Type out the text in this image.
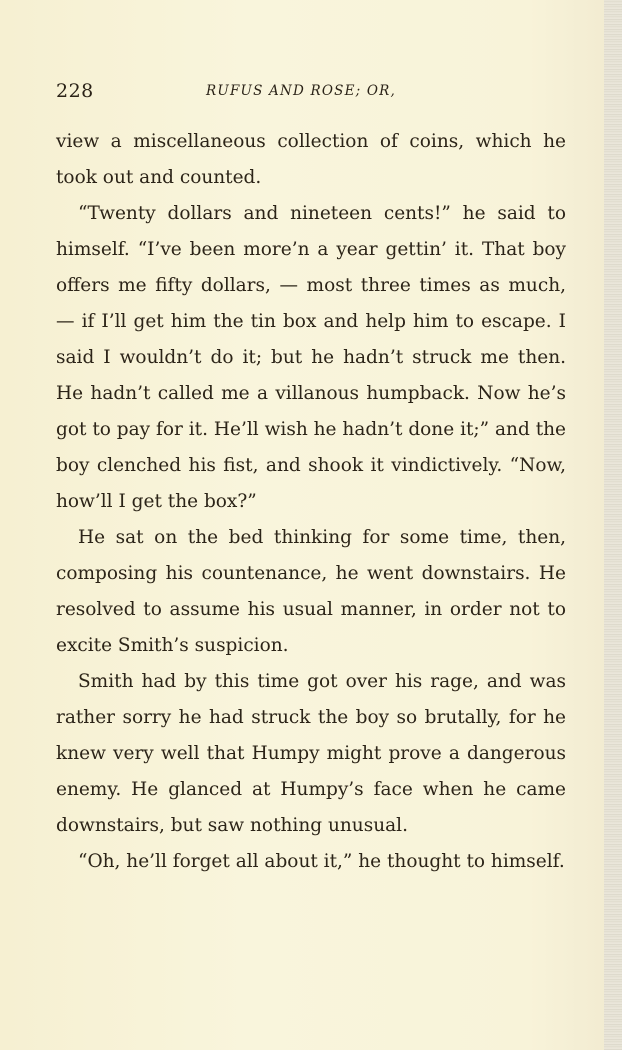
228	RUFUS AND ROSE; OR,

view a miscellaneous collection of coins, which he took out and counted.

“Twenty dollars and nineteen cents!” he said to himself. “I’ve been more’n a year gettin’ it. That boy offers me fifty dollars, — most three times as much, — if I’ll get him the tin box and help him to escape. I said I wouldn’t do it; but he hadn’t struck me then. He hadn’t called me a villanous humpback. Now he’s got to pay for it. He’ll wish he hadn’t done it;” and the boy clenched his fist, and shook it vindictively. “Now, how’ll I get the box?”

He sat on the bed thinking for some time, then, composing his countenance, he went downstairs. He resolved to assume his usual manner, in order not to excite Smith’s suspicion.

Smith had by this time got over his rage, and was rather sorry he had struck the boy so brutally, for he knew very well that Humpy might prove a dangerous enemy. He glanced at Humpy’s face when he came downstairs, but saw nothing unusual.

“Oh, he’ll forget all about it,” he thought to himself.
